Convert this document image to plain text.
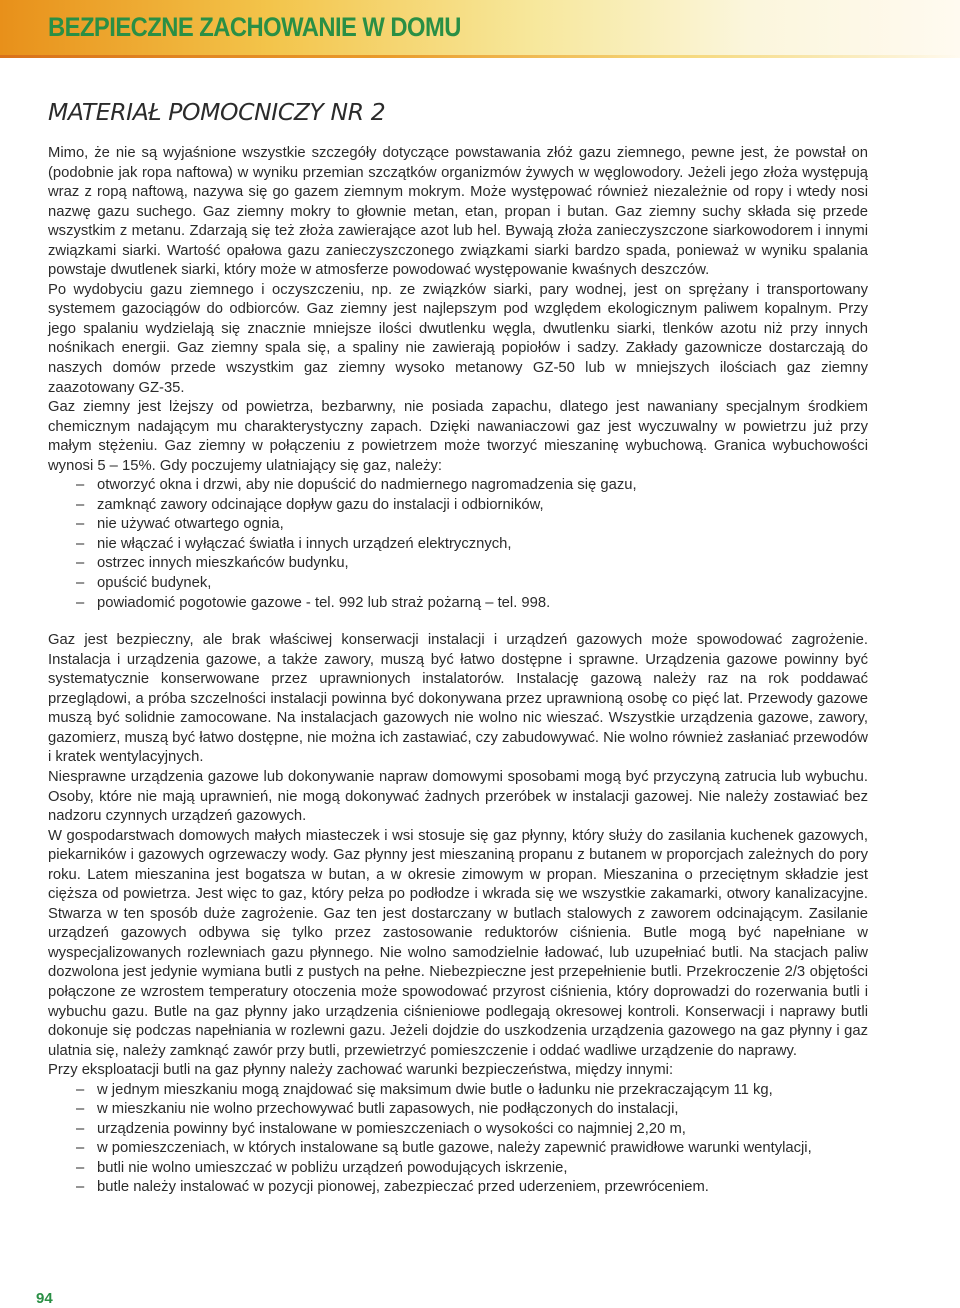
BEZPIECZNE ZACHOWANIE W DOMU
MATERIAŁ POMOCNICZY NR 2

Mimo, że nie są wyjaśnione wszystkie szczegóły dotyczące powstawania złóż gazu ziemnego, pewne jest, że powstał on (podobnie jak ropa naftowa) w wyniku przemian szczątków organizmów żywych w węglowodory. Jeżeli jego złoża występują wraz z ropą naftową, nazywa się go gazem ziemnym mokrym. Może występować również niezależnie od ropy i wtedy nosi nazwę gazu suchego. Gaz ziemny mokry to głownie metan, etan, propan i butan. Gaz ziemny suchy składa się przede wszystkim z metanu. Zdarzają się też złoża zawierające azot lub hel. Bywają złoża zanieczyszczone siarkowodorem i innymi związkami siarki. Wartość opałowa gazu zanieczyszczonego związkami siarki bardzo spada, ponieważ w wyniku spalania powstaje dwutlenek siarki, który może w atmosferze powodować występowanie kwaśnych deszczów.

Po wydobyciu gazu ziemnego i oczyszczeniu, np. ze związków siarki, pary wodnej, jest on sprężany i transportowany systemem gazociągów do odbiorców. Gaz ziemny jest najlepszym pod względem ekologicznym paliwem kopalnym. Przy jego spalaniu wydzielają się znacznie mniejsze ilości dwutlenku węgla, dwutlenku siarki, tlenków azotu niż przy innych nośnikach energii. Gaz ziemny spala się, a spaliny nie zawierają popiołów i sadzy. Zakłady gazownicze dostarczają do naszych domów przede wszystkim gaz ziemny wysoko metanowy GZ-50 lub w mniejszych ilościach gaz ziemny zaazotowany GZ-35.

Gaz ziemny jest lżejszy od powietrza, bezbarwny, nie posiada zapachu, dlatego jest nawaniany specjalnym środkiem chemicznym nadającym mu charakterystyczny zapach. Dzięki nawaniaczowi gaz jest wyczuwalny w powietrzu już przy małym stężeniu. Gaz ziemny w połączeniu z powietrzem może tworzyć mieszaninę wybuchową. Granica wybuchowości wynosi 5 – 15%. Gdy poczujemy ulatniający się gaz, należy:

– otworzyć okna i drzwi, aby nie dopuścić do nadmiernego nagromadzenia się gazu,
– zamknąć zawory odcinające dopływ gazu do instalacji i odbiorników,
– nie używać otwartego ognia,
– nie włączać i wyłączać światła i innych urządzeń elektrycznych,
– ostrzec innych mieszkańców budynku,
– opuścić budynek,
– powiadomić pogotowie gazowe - tel. 992 lub straż pożarną – tel. 998.

Gaz jest bezpieczny, ale brak właściwej konserwacji instalacji i urządzeń gazowych może spowodować zagrożenie. Instalacja i urządzenia gazowe, a także zawory, muszą być łatwo dostępne i sprawne. Urządzenia gazowe powinny być systematycznie konserwowane przez uprawnionych instalatorów. Instalację gazową należy raz na rok poddawać przeglądowi, a próba szczelności instalacji powinna być dokonywana przez uprawnioną osobę co pięć lat. Przewody gazowe muszą być solidnie zamocowane. Na instalacjach gazowych nie wolno nic wieszać. Wszystkie urządzenia gazowe, zawory, gazomierz, muszą być łatwo dostępne, nie można ich zastawiać, czy zabudowywać. Nie wolno również zasłaniać przewodów i kratek wentylacyjnych.

Niesprawne urządzenia gazowe lub dokonywanie napraw domowymi sposobami mogą być przyczyną zatrucia lub wybuchu. Osoby, które nie mają uprawnień, nie mogą dokonywać żadnych przeróbek w instalacji gazowej. Nie należy zostawiać bez nadzoru czynnych urządzeń gazowych.

W gospodarstwach domowych małych miasteczek i wsi stosuje się gaz płynny, który służy do zasilania kuchenek gazowych, piekarników i gazowych ogrzewaczy wody. Gaz płynny jest mieszaniną propanu z butanem w proporcjach zależnych do pory roku. Latem mieszanina jest bogatsza w butan, a w okresie zimowym w propan. Mieszanina o przeciętnym składzie jest cięższa od powietrza. Jest więc to gaz, który pełza po podłodze i wkrada się we wszystkie zakamarki, otwory kanalizacyjne. Stwarza w ten sposób duże zagrożenie. Gaz ten jest dostarczany w butlach stalowych z zaworem odcinającym. Zasilanie urządzeń gazowych odbywa się tylko przez zastosowanie reduktorów ciśnienia. Butle mogą być napełniane w wyspecjalizowanych rozlewniach gazu płynnego. Nie wolno samodzielnie ładować, lub uzupełniać butli. Na stacjach paliw dozwolona jest jedynie wymiana butli z pustych na pełne. Niebezpieczne jest przepełnienie butli. Przekroczenie 2/3 objętości połączone ze wzrostem temperatury otoczenia może spowodować przyrost ciśnienia, który doprowadzi do rozerwania butli i wybuchu gazu. Butle na gaz płynny jako urządzenia ciśnieniowe podlegają okresowej kontroli. Konserwacji i naprawy butli dokonuje się podczas napełniania w rozlewni gazu. Jeżeli dojdzie do uszkodzenia urządzenia gazowego na gaz płynny i gaz ulatnia się, należy zamknąć zawór przy butli, przewietrzyć pomieszczenie i oddać wadliwe urządzenie do naprawy.

Przy eksploatacji butli na gaz płynny należy zachować warunki bezpieczeństwa, między innymi:

– w jednym mieszkaniu mogą znajdować się maksimum dwie butle o ładunku nie przekraczającym 11 kg,
– w mieszkaniu nie wolno przechowywać butli zapasowych, nie podłączonych do instalacji,
– urządzenia powinny być instalowane w pomieszczeniach o wysokości co najmniej 2,20 m,
– w pomieszczeniach, w których instalowane są butle gazowe, należy zapewnić prawidłowe warunki wentylacji,
– butli nie wolno umieszczać w pobliżu urządzeń powodujących iskrzenie,
– butle należy instalować w pozycji pionowej, zabezpieczać przed uderzeniem, przewróceniem.
94
